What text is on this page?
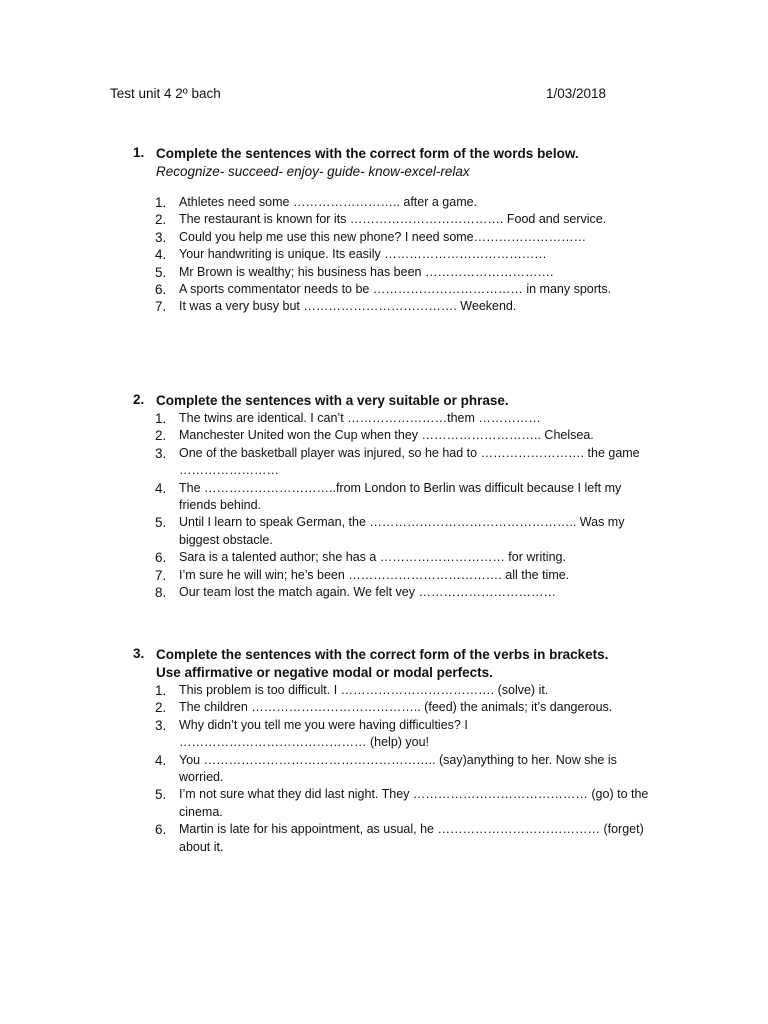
Test unit 4 2º bach	1/03/2018
1. Complete the sentences with the correct form of the words below.
Recognize- succeed- enjoy- guide- know-excel-relax
1. Athletes need some …………………….. after a game.
2. The restaurant is known for its ………………………………. Food and service.
3. Could you help me use this new phone? I need some………………………
4. Your handwriting is unique. Its easily …………………………………
5. Mr Brown is wealthy; his business has been ………………………….
6. A sports commentator needs to be ……………………………… in many sports.
7. It was a very busy but ………………………………. Weekend.
2. Complete the sentences with a very suitable or phrase.
1. The twins are identical. I can’t ……………………them ……………
2. Manchester United won the Cup when they ……………………….. Chelsea.
3. One of the basketball player was injured, so he had to ……………………. the game ……………………
4. The …………………………..from London to Berlin was difficult because I left my friends behind.
5. Until I learn to speak German, the ………………………………………….. Was my biggest obstacle.
6. Sara is a talented author; she has a ………………………… for writing.
7. I’m sure he will win; he’s been ………………………………. all the time.
8. Our team lost the match again. We felt vey ……………………………
3. Complete the sentences with the correct form of the verbs in brackets.
Use affirmative or negative modal or modal perfects.
1. This problem is too difficult. I ………………………………. (solve) it.
2. The children ………………………………….. (feed) the animals; it’s dangerous.
3. Why didn’t you tell me you were having difficulties? I ……………………………………… (help) you!
4. You ……………………………………………….. (say)anything to her. Now she is worried.
5. I’m not sure what they did last night. They …………………………………… (go) to the cinema.
6. Martin is late for his appointment, as usual, he ………………………………… (forget) about it.
